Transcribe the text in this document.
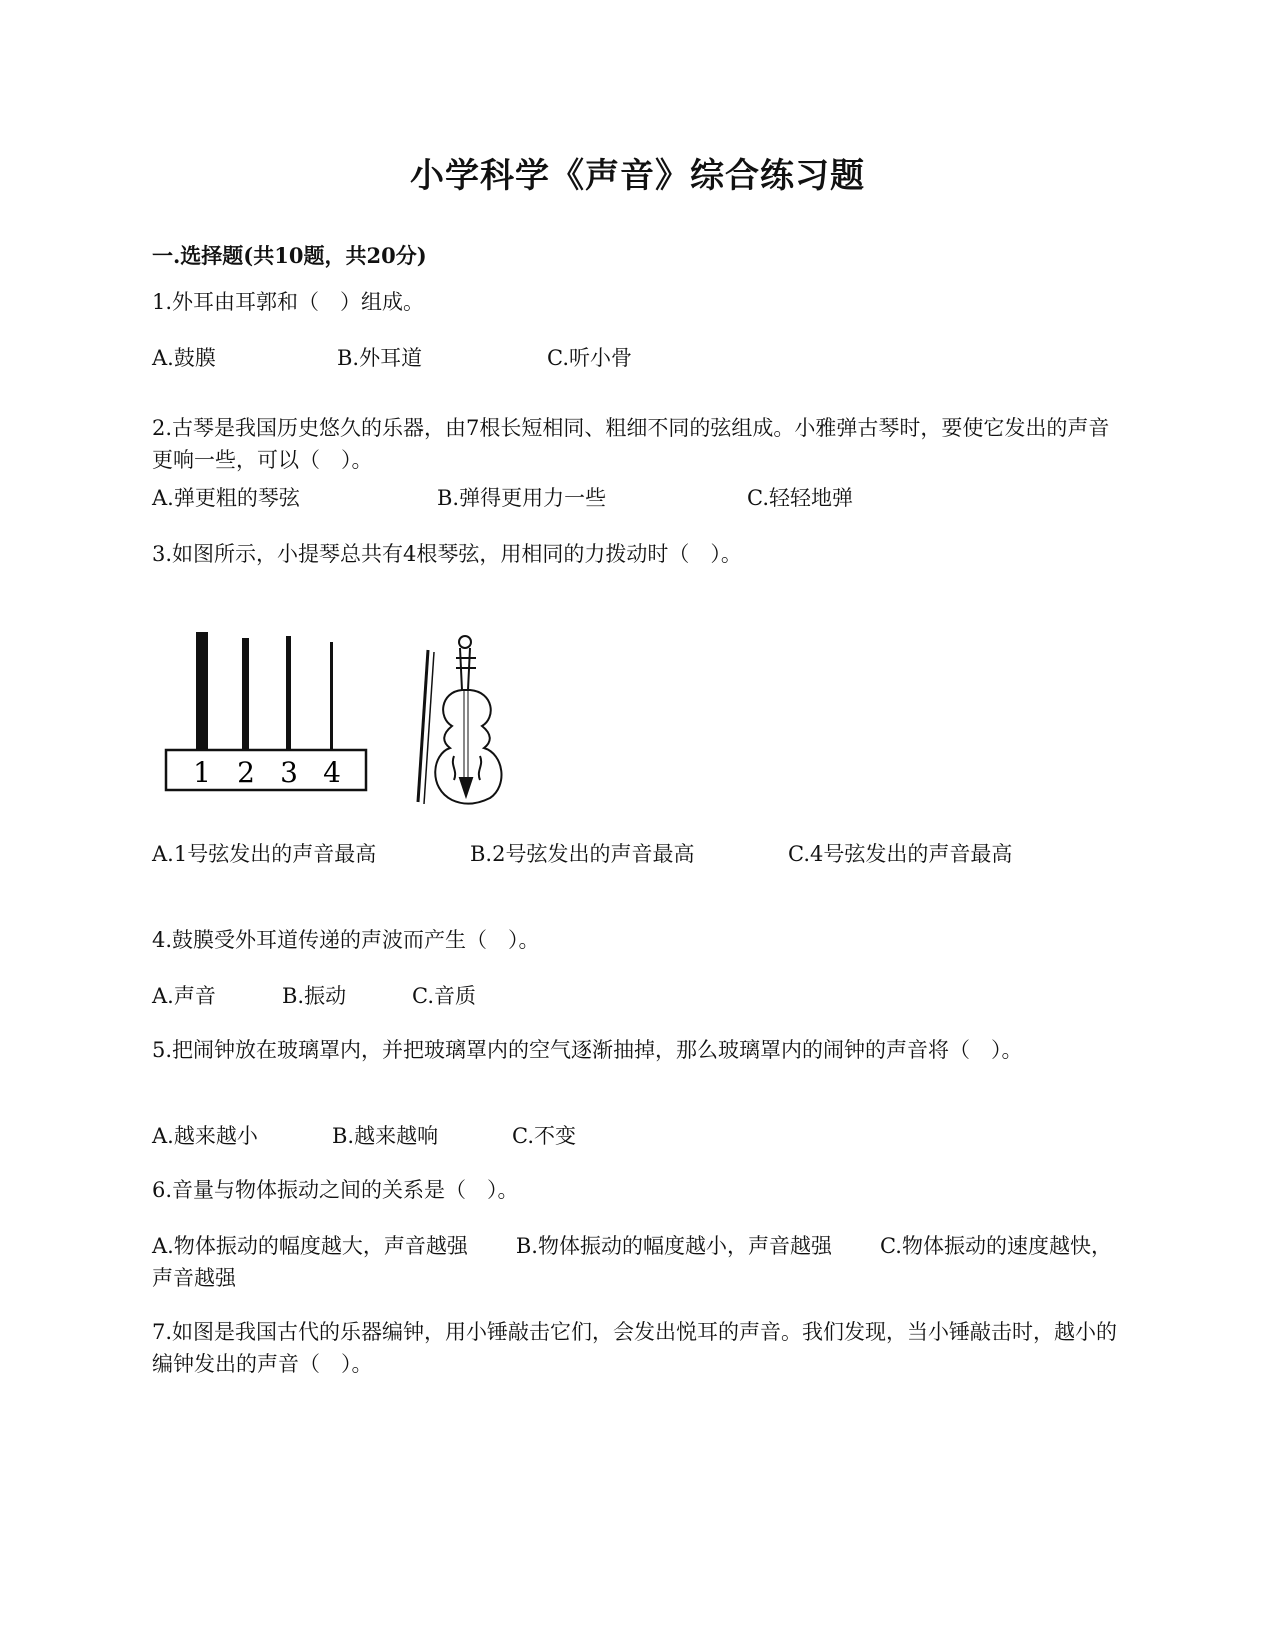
小学科学《声音》综合练习题
一.选择题(共10题，共20分)
1.外耳由耳郭和（　）组成。
A.鼓膜	B.外耳道	C.听小骨
2.古琴是我国历史悠久的乐器，由7根长短相同、粗细不同的弦组成。小雅弹古琴时，要使它发出的声音更响一些，可以（　）。
A.弹更粗的琴弦	B.弹得更用力一些	C.轻轻地弹
3.如图所示，小提琴总共有4根琴弦，用相同的力拨动时（　）。
1 2 3 4
A.1号弦发出的声音最高	B.2号弦发出的声音最高	C.4号弦发出的声音最高
4.鼓膜受外耳道传递的声波而产生（　）。
A.声音	B.振动	C.音质
5.把闹钟放在玻璃罩内，并把玻璃罩内的空气逐渐抽掉，那么玻璃罩内的闹钟的声音将（　）。
A.越来越小	B.越来越响	C.不变
6.音量与物体振动之间的关系是（　）。
A.物体振动的幅度越大，声音越强 B.物体振动的幅度越小，声音越强 C.物体振动的速度越快，声音越强
7.如图是我国古代的乐器编钟，用小锤敲击它们，会发出悦耳的声音。我们发现，当小锤敲击时，越小的编钟发出的声音（　）。
